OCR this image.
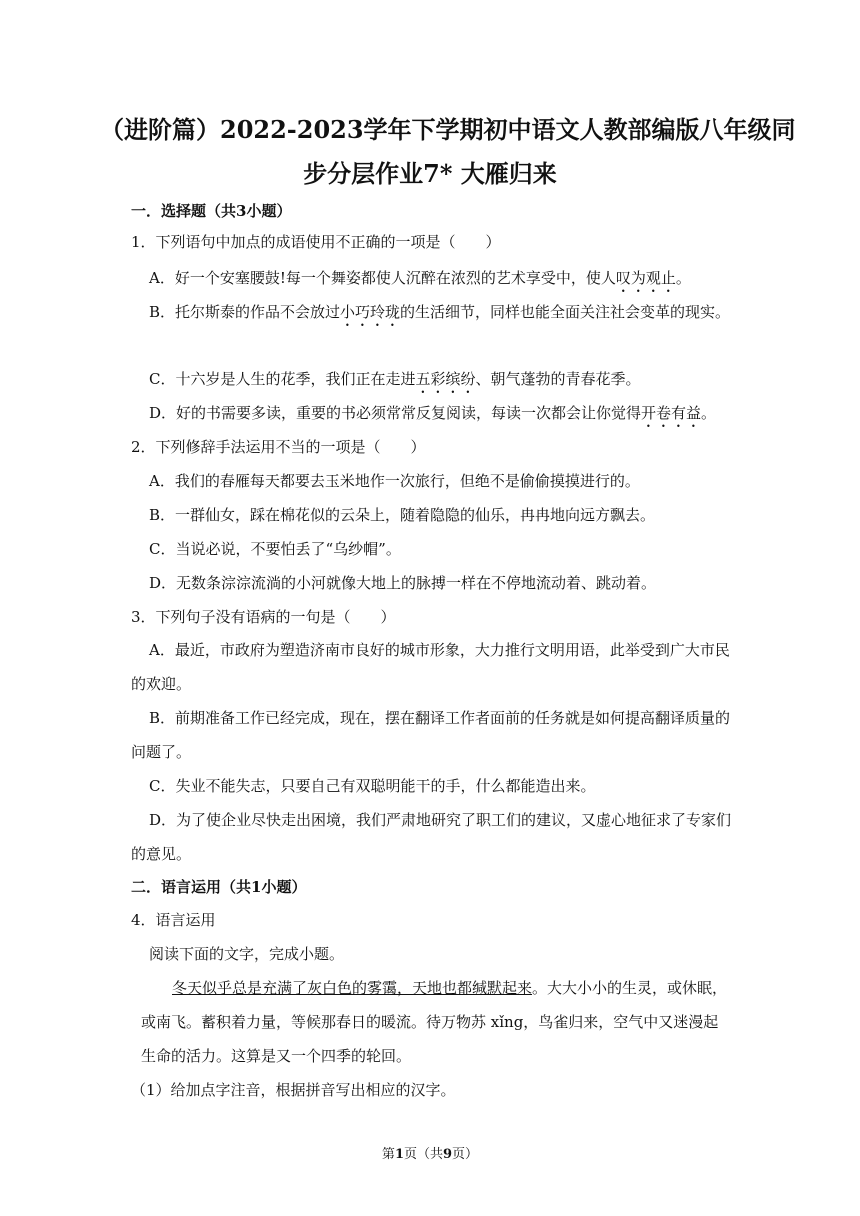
（进阶篇）2022-2023学年下学期初中语文人教部编版八年级同
步分层作业7* 大雁归来
一．选择题（共3小题）
1．下列语句中加点的成语使用不正确的一项是（　　）
A．好一个安塞腰鼓!每一个舞姿都使人沉醉在浓烈的艺术享受中，使人叹为观止。
B．托尔斯泰的作品不会放过小巧玲珑的生活细节，同样也能全面关注社会变革的现实。
C．十六岁是人生的花季，我们正在走进五彩缤纷、朝气蓬勃的青春花季。
D．好的书需要多读，重要的书必须常常反复阅读，每读一次都会让你觉得开卷有益。
2．下列修辞手法运用不当的一项是（　　）
A．我们的春雁每天都要去玉米地作一次旅行，但绝不是偷偷摸摸进行的。
B．一群仙女，踩在棉花似的云朵上，随着隐隐的仙乐，冉冉地向远方飘去。
C．当说必说，不要怕丢了“乌纱帽”。
D．无数条淙淙流淌的小河就像大地上的脉搏一样在不停地流动着、跳动着。
3．下列句子没有语病的一句是（　　）
A．最近，市政府为塑造济南市良好的城市形象，大力推行文明用语，此举受到广大市民
的欢迎。
B．前期准备工作已经完成，现在，摆在翻译工作者面前的任务就是如何提高翻译质量的
问题了。
C．失业不能失志，只要自己有双聪明能干的手，什么都能造出来。
D．为了使企业尽快走出困境，我们严肃地研究了职工们的建议，又虚心地征求了专家们
的意见。
二．语言运用（共1小题）
4．语言运用
阅读下面的文字，完成小题。
冬天似乎总是充满了灰白色的雾霭，天地也都缄默起来。大大小小的生灵，或休眠，
或南飞。蓄积着力量，等候那春日的暖流。待万物苏 xǐng，鸟雀归来，空气中又迷漫起
生命的活力。这算是又一个四季的轮回。
（1）给加点字注音，根据拼音写出相应的汉字。
第1页（共9页）
